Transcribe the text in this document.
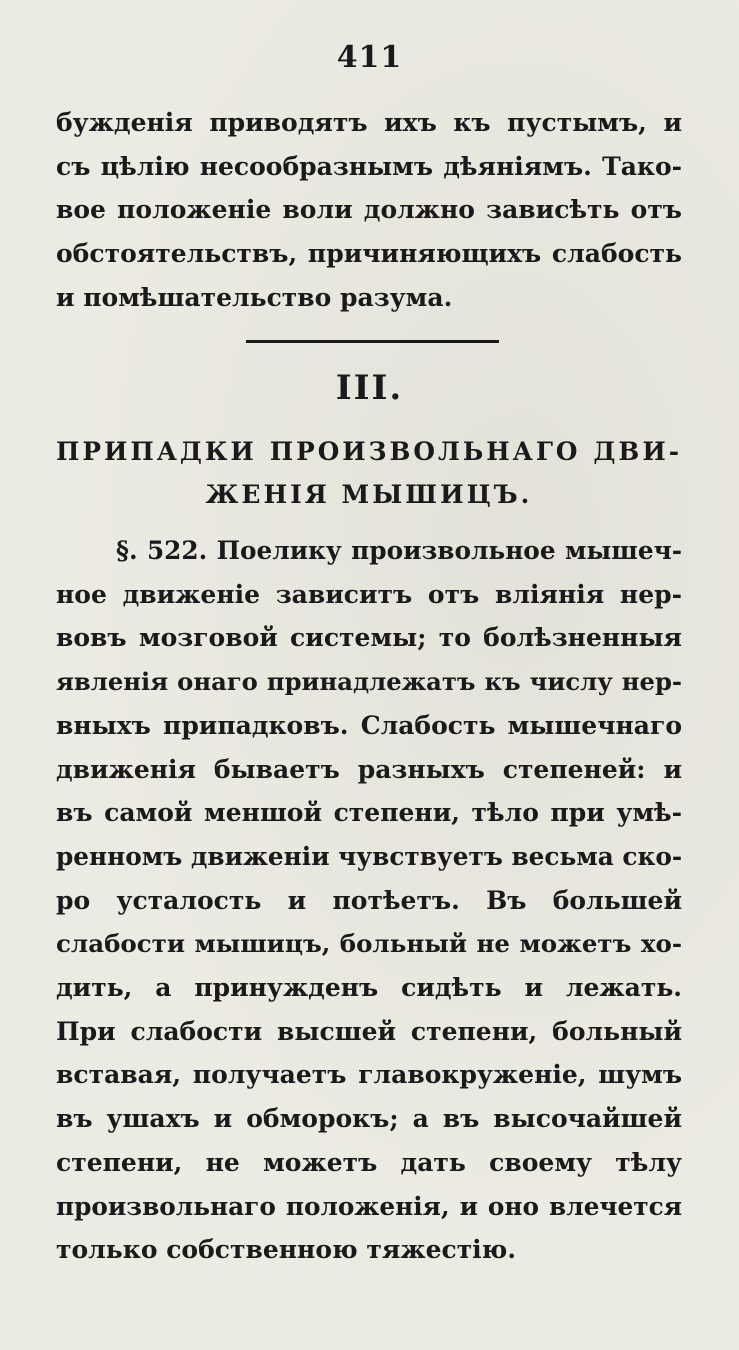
411
бужденія приводятъ ихъ къ пустымъ, и
съ цѣлію несообразнымъ дѣяніямъ. Тако-
вое положеніе воли должно зависѣть отъ
обстоятельствъ, причиняющихъ слабость
и помѣшательство разума.
III.
ПРИПАДКИ ПРОИЗВОЛЬНАГО ДВИ-
ЖЕНІЯ МЫШИЦЪ.
§. 522. Поелику произвольное мышеч-
ное движеніе зависитъ отъ вліянія нер-
вовъ мозговой системы; то болѣзненныя
явленія онаго принадлежатъ къ числу нер-
вныхъ припадковъ. Слабость мышечнаго
движенія бываетъ разныхъ степеней: и
въ самой меншой степени, тѣло при умѣ-
ренномъ движеніи чувствуетъ весьма ско-
ро усталость и потѣетъ. Въ большей
слабости мышицъ, больный не можетъ хо-
дить, а принужденъ сидѣть и лежать.
При слабости высшей степени, больный
вставая, получаетъ главокруженіе, шумъ
въ ушахъ и обморокъ; а въ высочайшей
степени, не можетъ дать своему тѣлу
произвольнаго положенія, и оно влечется
только собственною тяжестію.
